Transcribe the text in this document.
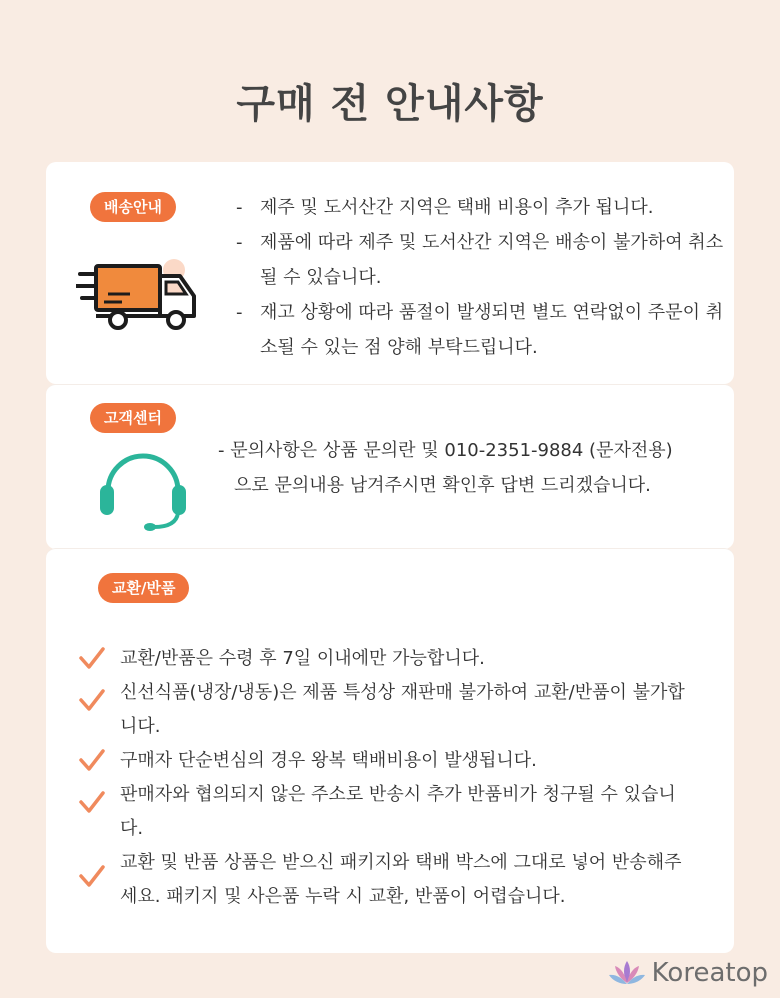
구매 전 안내사항
배송안내	- 제주 및 도서산간 지역은 택배 비용이 추가 됩니다.
- 제품에 따라 제주 및 도서산간 지역은 배송이 불가하여 취소될 수 있습니다.
- 재고 상황에 따라 품절이 발생되면 별도 연락없이 주문이 취소될 수 있는 점 양해 부탁드립니다.
고객센터
- 문의사항은 상품 문의란 및 010-2351-9884 (문자전용)
으로 문의내용 남겨주시면 확인후 답변 드리겠습니다.
교환/반품
교환/반품은 수령 후 7일 이내에만 가능합니다.
신선식품(냉장/냉동)은 제품 특성상 재판매 불가하여 교환/반품이 불가합니다.
구매자 단순변심의 경우 왕복 택배비용이 발생됩니다.
판매자와 협의되지 않은 주소로 반송시 추가 반품비가 청구될 수 있습니다.
교환 및 반품 상품은 받으신 패키지와 택배 박스에 그대로 넣어 반송해주세요. 패키지 및 사은품 누락 시 교환, 반품이 어렵습니다.
Koreatop
